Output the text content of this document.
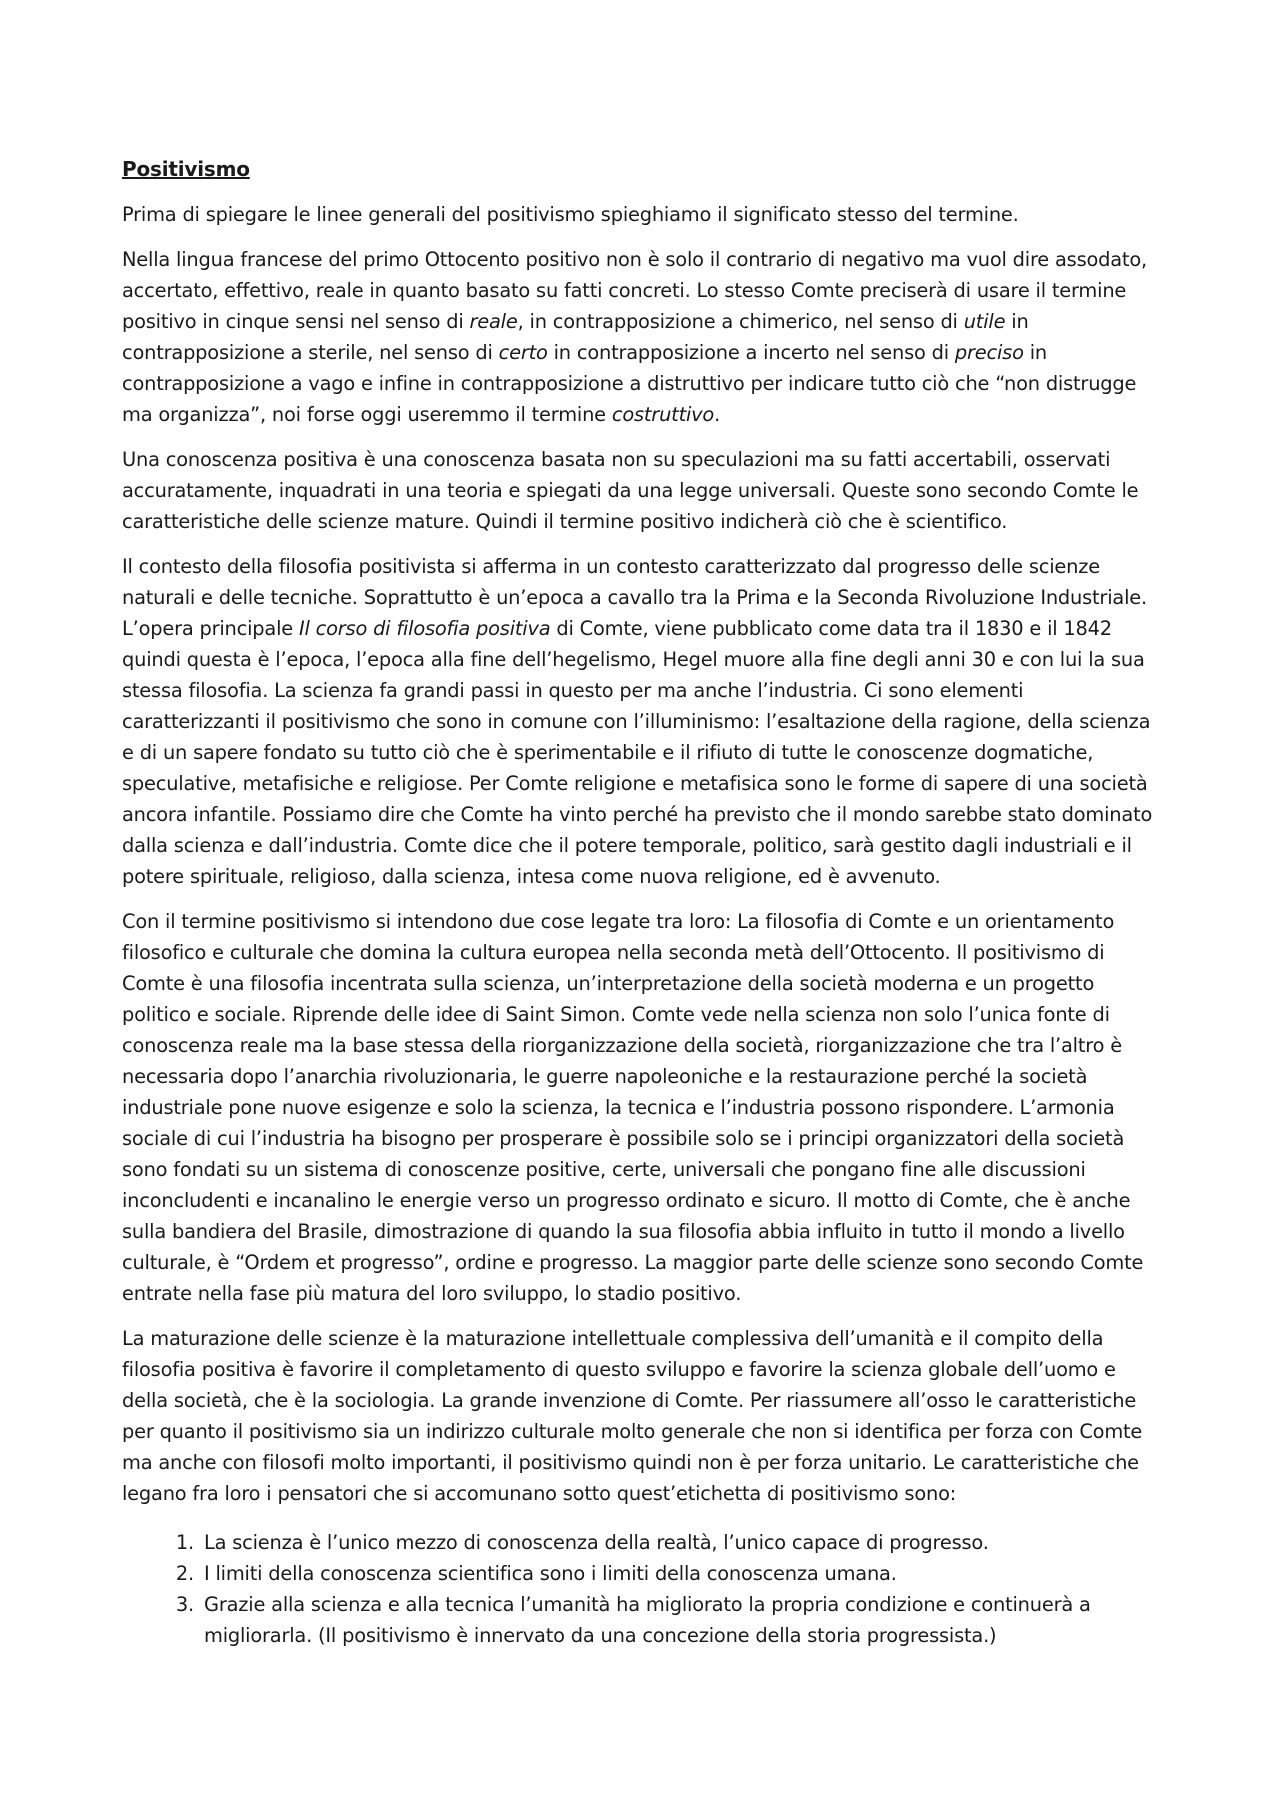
Positivismo

Prima di spiegare le linee generali del positivismo spieghiamo il significato stesso del termine.

Nella lingua francese del primo Ottocento positivo non è solo il contrario di negativo ma vuol dire assodato, accertato, effettivo, reale in quanto basato su fatti concreti. Lo stesso Comte preciserà di usare il termine positivo in cinque sensi nel senso di reale, in contrapposizione a chimerico, nel senso di utile in contrapposizione a sterile, nel senso di certo in contrapposizione a incerto nel senso di preciso in contrapposizione a vago e infine in contrapposizione a distruttivo per indicare tutto ciò che “non distrugge ma organizza”, noi forse oggi useremmo il termine costruttivo.

Una conoscenza positiva è una conoscenza basata non su speculazioni ma su fatti accertabili, osservati accuratamente, inquadrati in una teoria e spiegati da una legge universali. Queste sono secondo Comte le caratteristiche delle scienze mature. Quindi il termine positivo indicherà ciò che è scientifico.

Il contesto della filosofia positivista si afferma in un contesto caratterizzato dal progresso delle scienze naturali e delle tecniche. Soprattutto è un’epoca a cavallo tra la Prima e la Seconda Rivoluzione Industriale. L’opera principale Il corso di filosofia positiva di Comte, viene pubblicato come data tra il 1830 e il 1842 quindi questa è l’epoca, l’epoca alla fine dell’hegelismo, Hegel muore alla fine degli anni 30 e con lui la sua stessa filosofia. La scienza fa grandi passi in questo per ma anche l’industria. Ci sono elementi caratterizzanti il positivismo che sono in comune con l’illuminismo: l’esaltazione della ragione, della scienza e di un sapere fondato su tutto ciò che è sperimentabile e il rifiuto di tutte le conoscenze dogmatiche, speculative, metafisiche e religiose. Per Comte religione e metafisica sono le forme di sapere di una società ancora infantile. Possiamo dire che Comte ha vinto perché ha previsto che il mondo sarebbe stato dominato dalla scienza e dall’industria. Comte dice che il potere temporale, politico, sarà gestito dagli industriali e il potere spirituale, religioso, dalla scienza, intesa come nuova religione, ed è avvenuto.

Con il termine positivismo si intendono due cose legate tra loro: La filosofia di Comte e un orientamento filosofico e culturale che domina la cultura europea nella seconda metà dell’Ottocento. Il positivismo di Comte è una filosofia incentrata sulla scienza, un’interpretazione della società moderna e un progetto politico e sociale. Riprende delle idee di Saint Simon. Comte vede nella scienza non solo l’unica fonte di conoscenza reale ma la base stessa della riorganizzazione della società, riorganizzazione che tra l’altro è necessaria dopo l’anarchia rivoluzionaria, le guerre napoleoniche e la restaurazione perché la società industriale pone nuove esigenze e solo la scienza, la tecnica e l’industria possono rispondere. L’armonia sociale di cui l’industria ha bisogno per prosperare è possibile solo se i principi organizzatori della società sono fondati su un sistema di conoscenze positive, certe, universali che pongano fine alle discussioni inconcludenti e incanalino le energie verso un progresso ordinato e sicuro. Il motto di Comte, che è anche sulla bandiera del Brasile, dimostrazione di quando la sua filosofia abbia influito in tutto il mondo a livello culturale, è “Ordem et progresso”, ordine e progresso. La maggior parte delle scienze sono secondo Comte entrate nella fase più matura del loro sviluppo, lo stadio positivo.

La maturazione delle scienze è la maturazione intellettuale complessiva dell’umanità e il compito della filosofia positiva è favorire il completamento di questo sviluppo e favorire la scienza globale dell’uomo e della società, che è la sociologia. La grande invenzione di Comte. Per riassumere all’osso le caratteristiche per quanto il positivismo sia un indirizzo culturale molto generale che non si identifica per forza con Comte ma anche con filosofi molto importanti, il positivismo quindi non è per forza unitario. Le caratteristiche che legano fra loro i pensatori che si accomunano sotto quest’etichetta di positivismo sono:

1. La scienza è l’unico mezzo di conoscenza della realtà, l’unico capace di progresso.
2. I limiti della conoscenza scientifica sono i limiti della conoscenza umana.
3. Grazie alla scienza e alla tecnica l’umanità ha migliorato la propria condizione e continuerà a migliorarla. (Il positivismo è innervato da una concezione della storia progressista.)
